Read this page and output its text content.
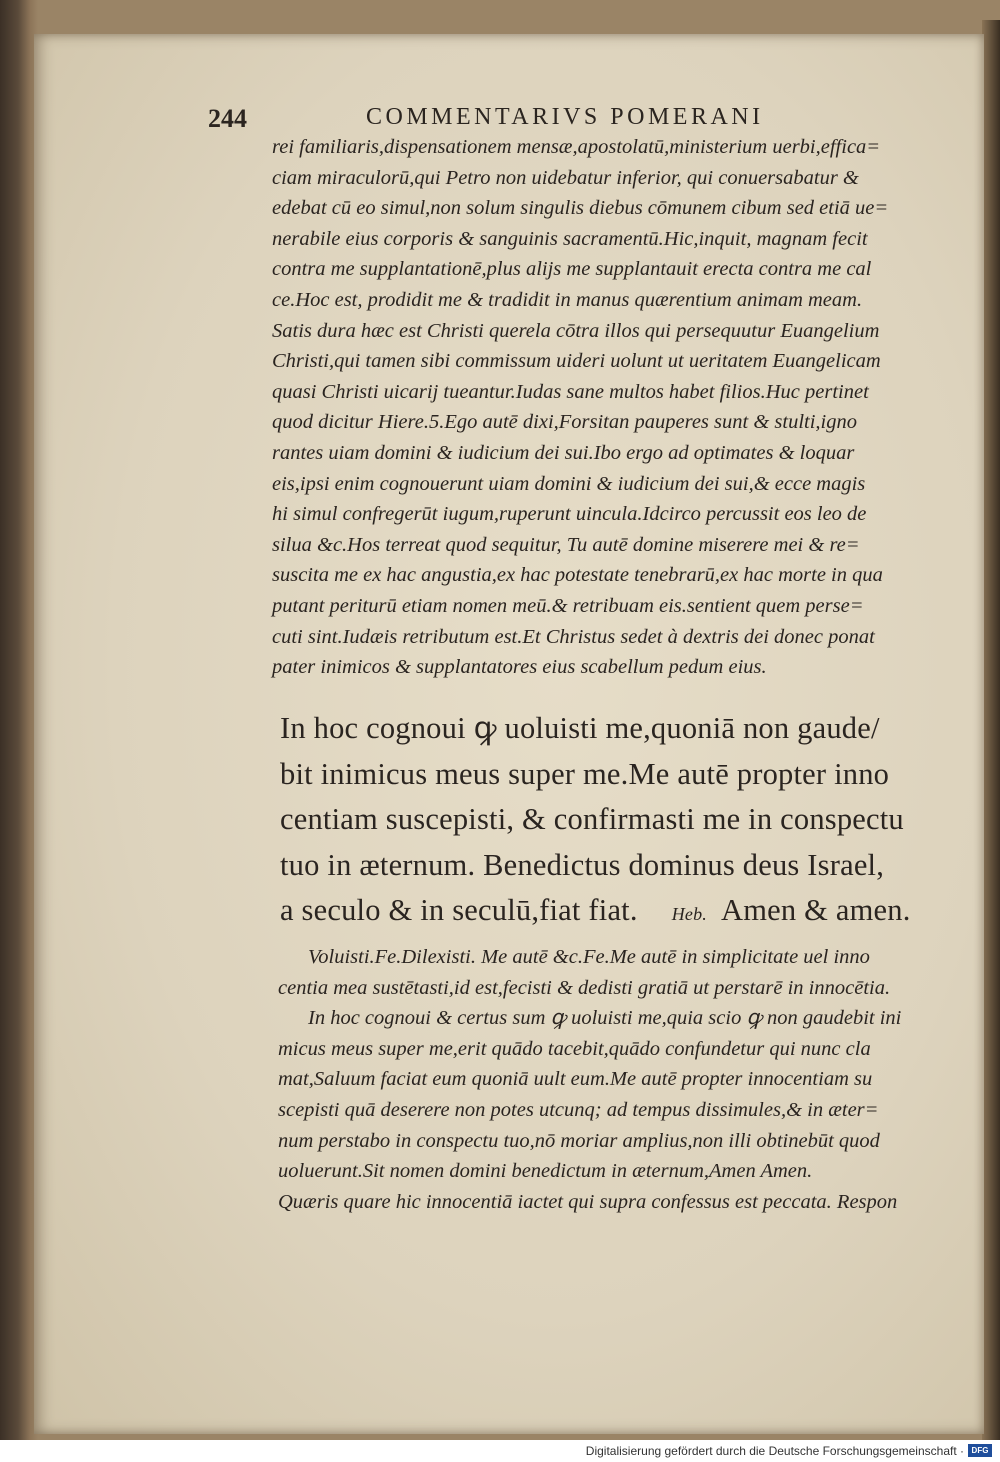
244	COMMENTARIVS POMERANI
rei familiaris,dispensationem mensæ,apostolatū,ministerium uerbi,effica=
ciam miraculorū,qui Petro non uidebatur inferior, qui conuersabatur &
edebat cū eo simul,non solum singulis diebus cōmunem cibum sed etiā ue=
nerabile eius corporis & sanguinis sacramentū.Hic,inquit, magnam fecit
contra me supplantationē,plus alijs me supplantauit erecta contra me cal
ce.Hoc est, prodidit me & tradidit in manus quærentium animam meam.
Satis dura hæc est Christi querela cōtra illos qui persequutur Euangelium
Christi,qui tamen sibi commissum uideri uolunt ut ueritatem Euangelicam
quasi Christi uicarij tueantur.Iudas sane multos habet filios.Huc pertinet
quod dicitur Hiere.5.Ego autē dixi,Forsitan pauperes sunt & stulti,igno
rantes uiam domini & iudicium dei sui.Ibo ergo ad optimates & loquar
eis,ipsi enim cognouerunt uiam domini & iudicium dei sui,& ecce magis
hi simul confregerūt iugum,ruperunt uincula.Idcirco percussit eos leo de
silua &c.Hos terreat quod sequitur, Tu autē domine miserere mei & re=
suscita me ex hac angustia,ex hac potestate tenebrarū,ex hac morte in qua
putant periturū etiam nomen meū.& retribuam eis.sentient quem perse=
cuti sint.Iudæis retributum est.Et Christus sedet à dextris dei donec ponat
pater inimicos & supplantatores eius scabellum pedum eius.
In hoc cognoui ꝙ uoluisti me,quoniā non gaude/
bit inimicus meus super me.Me autē propter inno
centiam suscepisti, & confirmasti me in conspectu
tuo in æternum. Benedictus dominus deus Israel,
a seculo & in seculū,fiat fiat. Heb. Amen & amen.
Voluisti.Fe.Dilexisti. Me autē &c.Fe.Me autē in simplicitate uel inno
centia mea sustētasti,id est,fecisti & dedisti gratiā ut perstarē in innocētia.
In hoc cognoui & certus sum ꝙ uoluisti me,quia scio ꝙ non gaudebit ini
micus meus super me,erit quādo tacebit,quādo confundetur qui nunc cla
mat,Saluum faciat eum quoniā uult eum.Me autē propter innocentiam su
scepisti quā deserere non potes utcunq; ad tempus dissimules,& in æter=
num perstabo in conspectu tuo,nō moriar amplius,non illi obtinebūt quod
uoluerunt.Sit nomen domini benedictum in æternum,Amen Amen.
Quæris quare hic innocentiā iactet qui supra confessus est peccata. Respon
Digitalisierung gefördert durch die Deutsche Forschungsgemeinschaft · DFG
